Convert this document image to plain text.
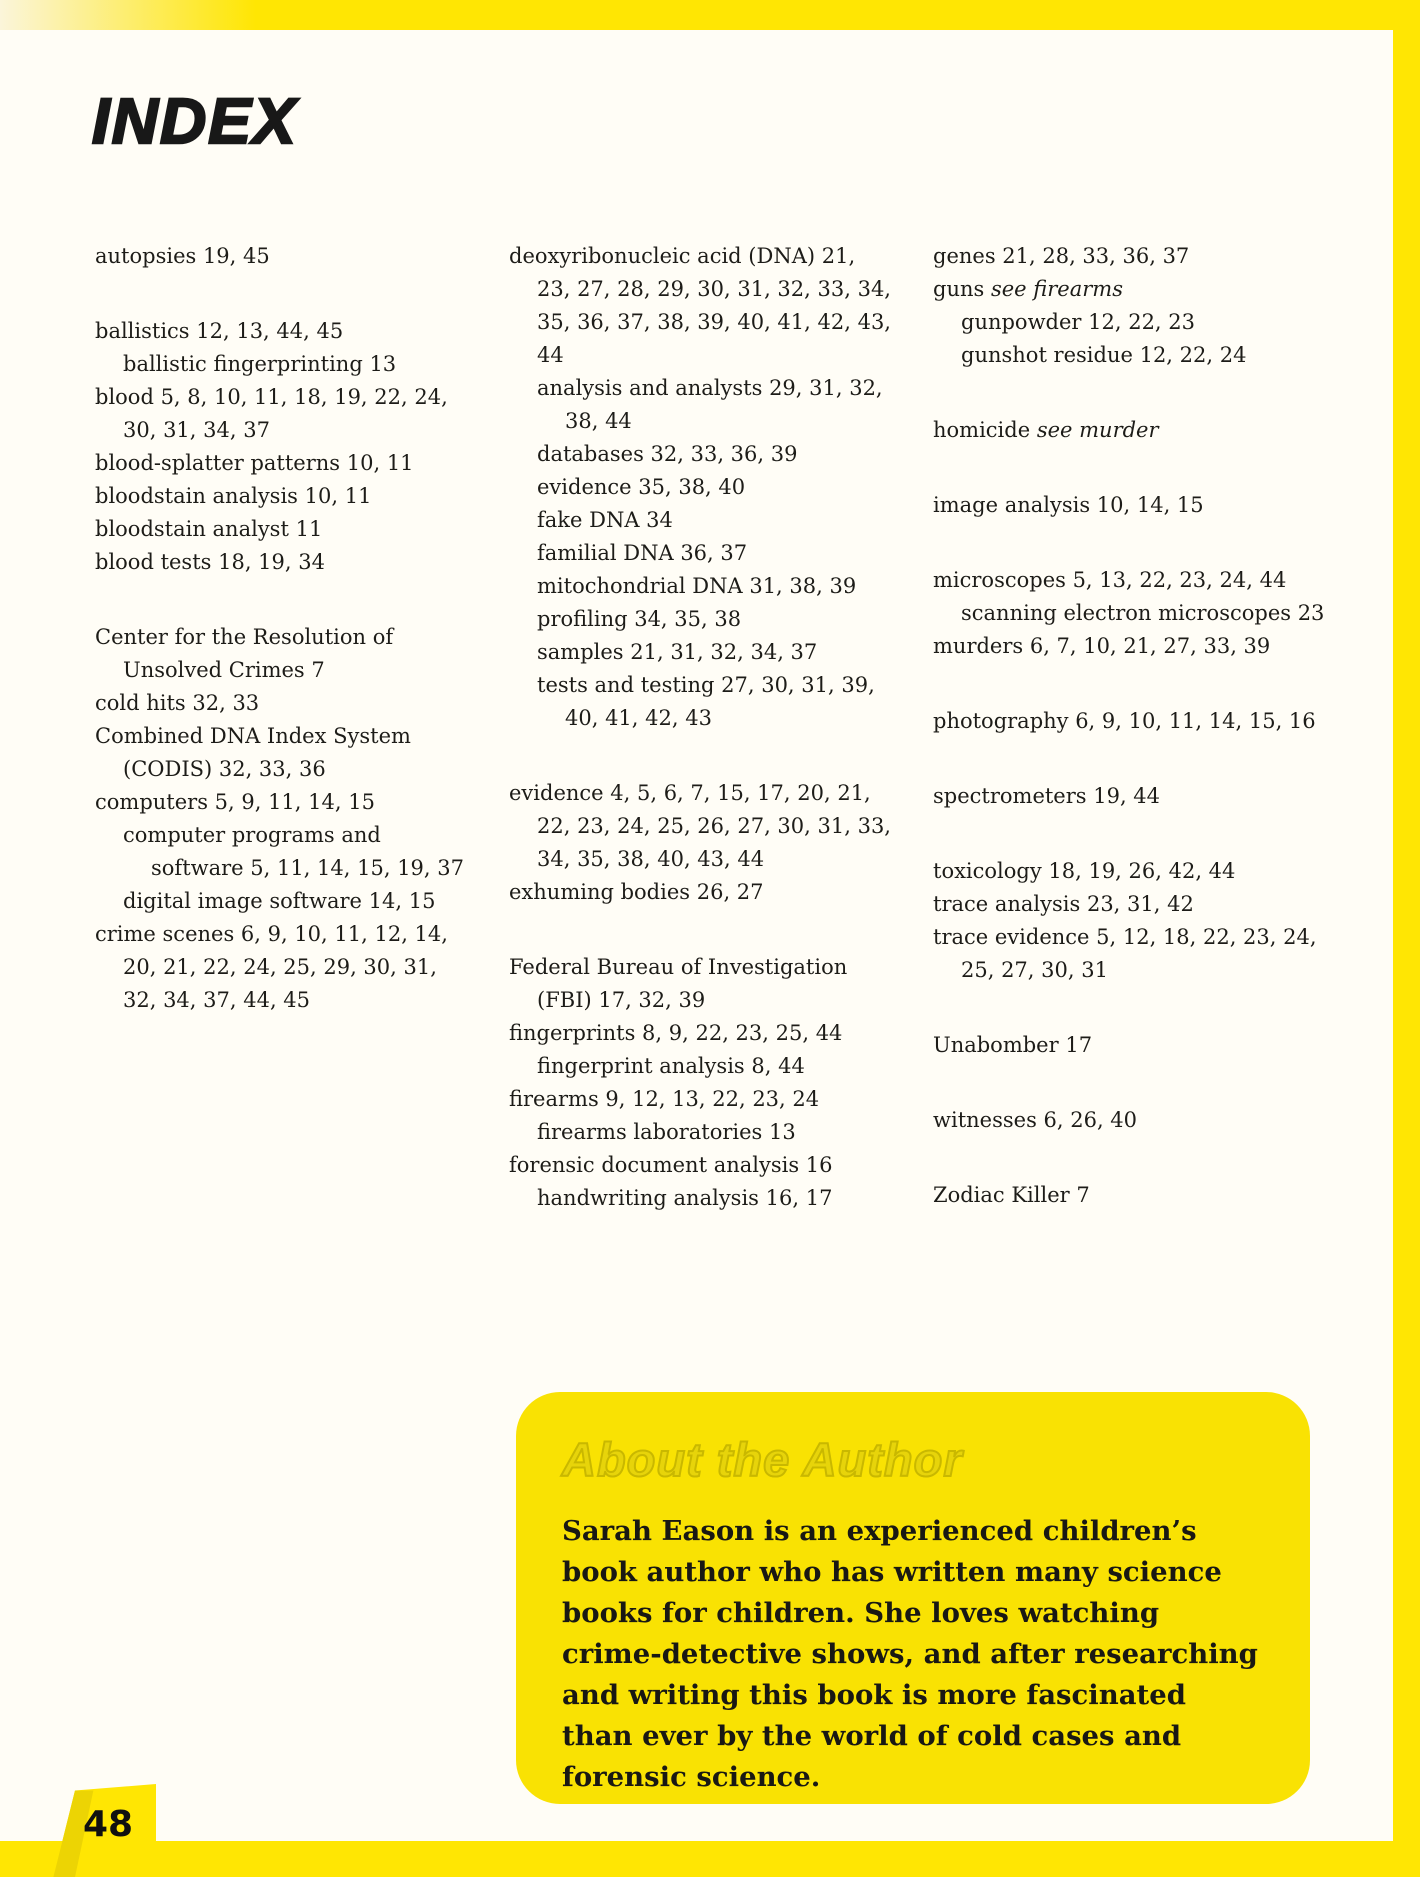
INDEX

autopsies 19, 45

ballistics 12, 13, 44, 45

ballistic fingerprinting 13

blood 5, 8, 10, 11, 18, 19, 22, 24, 30, 31, 34, 37

blood-splatter patterns 10, 11

bloodstain analysis 10, 11

bloodstain analyst 11

blood tests 18, 19, 34

Center for the Resolution of Unsolved Crimes 7

cold hits 32, 33

Combined DNA Index System (CODIS) 32, 33, 36

computers 5, 9, 11, 14, 15

computer programs and software 5, 11, 14, 15, 19, 37

digital image software 14, 15

crime scenes 6, 9, 10, 11, 12, 14, 20, 21, 22, 24, 25, 29, 30, 31, 32, 34, 37, 44, 45

deoxyribonucleic acid (DNA) 21, 23, 27, 28, 29, 30, 31, 32, 33, 34, 35, 36, 37, 38, 39, 40, 41, 42, 43, 44

analysis and analysts 29, 31, 32, 38, 44

databases 32, 33, 36, 39

evidence 35, 38, 40

fake DNA 34

familial DNA 36, 37

mitochondrial DNA 31, 38, 39

profiling 34, 35, 38

samples 21, 31, 32, 34, 37

tests and testing 27, 30, 31, 39, 40, 41, 42, 43

evidence 4, 5, 6, 7, 15, 17, 20, 21, 22, 23, 24, 25, 26, 27, 30, 31, 33, 34, 35, 38, 40, 43, 44

exhuming bodies 26, 27

Federal Bureau of Investigation (FBI) 17, 32, 39

fingerprints 8, 9, 22, 23, 25, 44

fingerprint analysis 8, 44

firearms 9, 12, 13, 22, 23, 24

firearms laboratories 13

forensic document analysis 16

handwriting analysis 16, 17

genes 21, 28, 33, 36, 37

guns see firearms

gunpowder 12, 22, 23

gunshot residue 12, 22, 24

homicide see murder

image analysis 10, 14, 15

microscopes 5, 13, 22, 23, 24, 44

scanning electron microscopes 23

murders 6, 7, 10, 21, 27, 33, 39

photography 6, 9, 10, 11, 14, 15, 16

spectrometers 19, 44

toxicology 18, 19, 26, 42, 44

trace analysis 23, 31, 42

trace evidence 5, 12, 18, 22, 23, 24, 25, 27, 30, 31

Unabomber 17

witnesses 6, 26, 40

Zodiac Killer 7

About the Author

Sarah Eason is an experienced children’s book author who has written many science books for children. She loves watching crime-detective shows, and after researching and writing this book is more fascinated than ever by the world of cold cases and forensic science.

48
